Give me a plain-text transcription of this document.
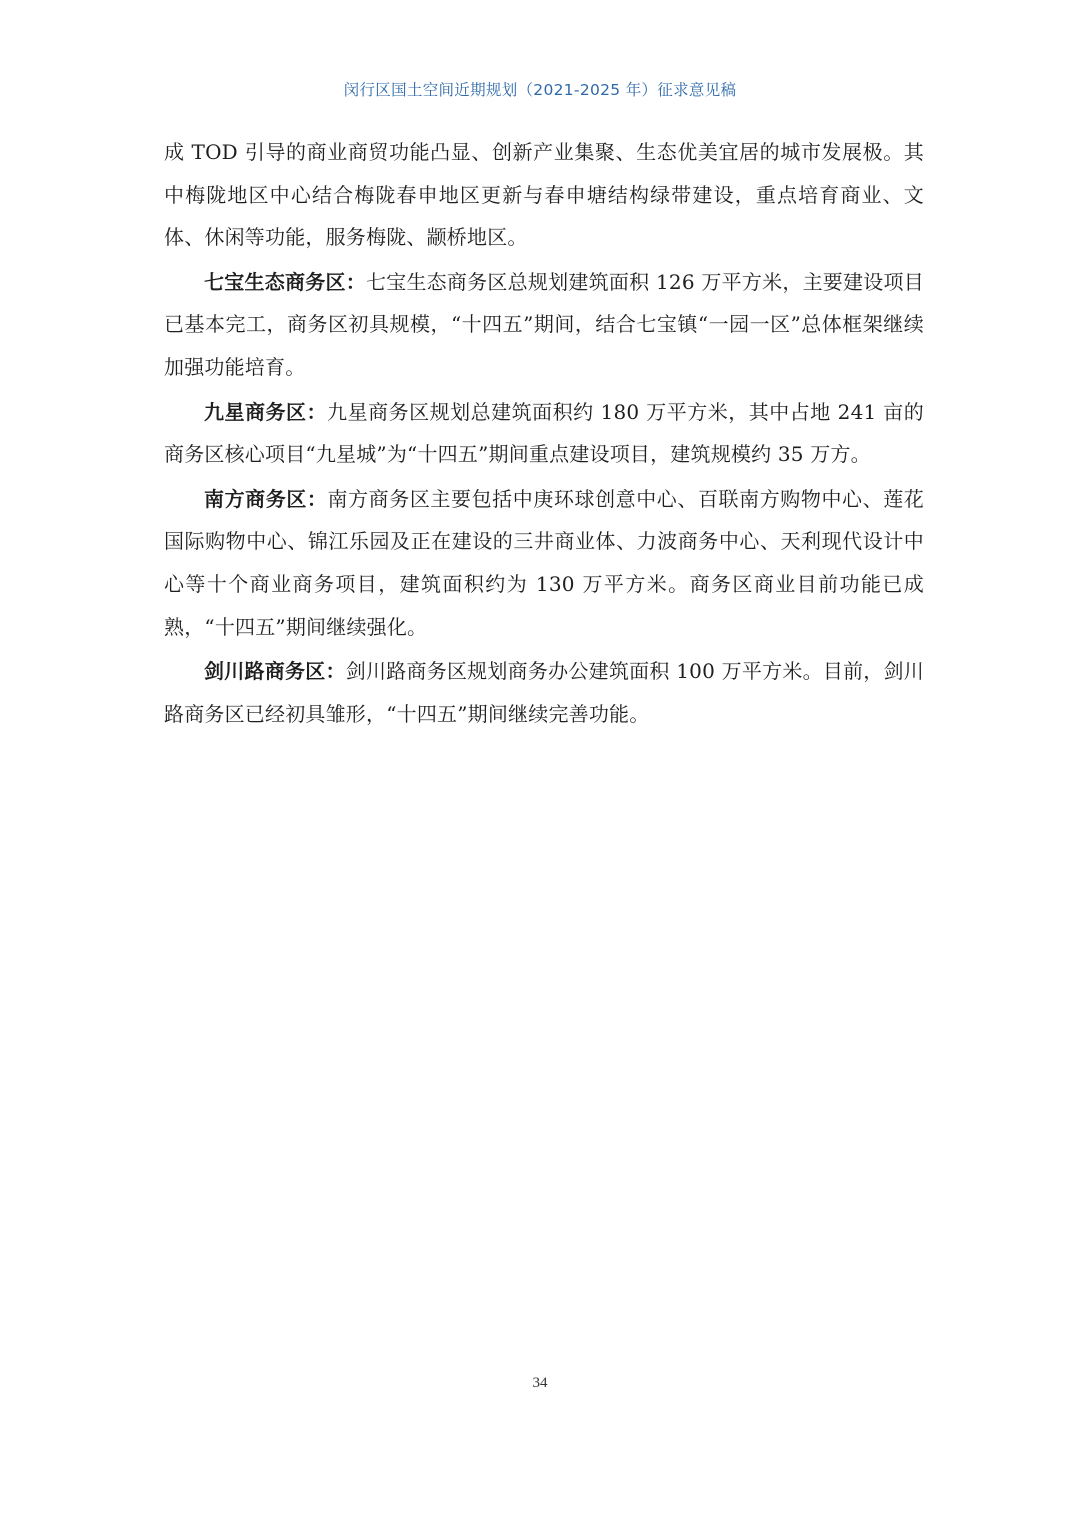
闵行区国土空间近期规划（2021-2025 年）征求意见稿

成 TOD 引导的商业商贸功能凸显、创新产业集聚、生态优美宜居的城市发展极。其中梅陇地区中心结合梅陇春申地区更新与春申塘结构绿带建设，重点培育商业、文体、休闲等功能，服务梅陇、颛桥地区。

七宝生态商务区：七宝生态商务区总规划建筑面积 126 万平方米，主要建设项目已基本完工，商务区初具规模，“十四五”期间，结合七宝镇“一园一区”总体框架继续加强功能培育。

九星商务区：九星商务区规划总建筑面积约 180 万平方米，其中占地 241 亩的商务区核心项目“九星城”为“十四五”期间重点建设项目，建筑规模约 35 万方。

南方商务区：南方商务区主要包括中庚环球创意中心、百联南方购物中心、莲花国际购物中心、锦江乐园及正在建设的三井商业体、力波商务中心、天利现代设计中心等十个商业商务项目，建筑面积约为 130 万平方米。商务区商业目前功能已成熟，“十四五”期间继续强化。

剑川路商务区：剑川路商务区规划商务办公建筑面积 100 万平方米。目前，剑川路商务区已经初具雏形，“十四五”期间继续完善功能。

34
